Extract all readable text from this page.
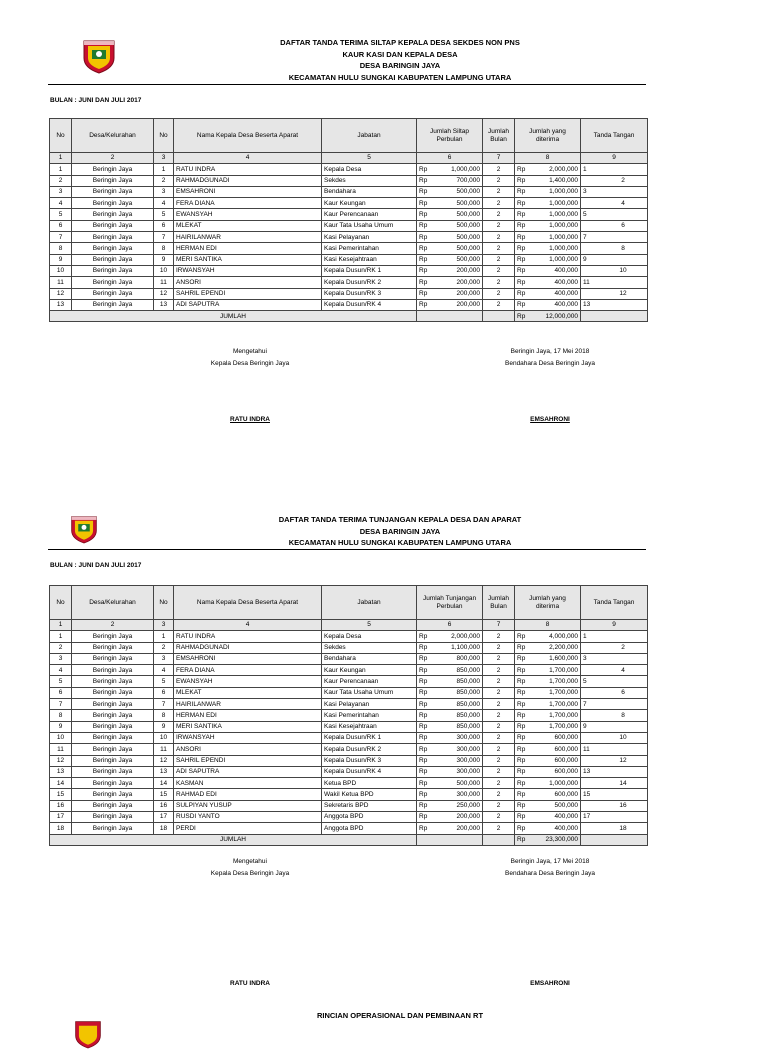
DAFTAR TANDA TERIMA SILTAP KEPALA DESA SEKDES NON PNS
KAUR KASI DAN KEPALA DESA
DESA BARINGIN JAYA
KECAMATAN HULU SUNGKAI KABUPATEN LAMPUNG UTARA
BULAN : JUNI DAN JULI 2017
No	Desa/Kelurahan	No	Nama Kepala Desa Beserta Aparat	Jabatan	Jumlah Siltap Perbulan	Jumlah Bulan	Jumlah yang diterima	Tanda Tangan
1	2	3	4	5	6	7	8	9
1	Beringin Jaya	1	RATU INDRA	Kepala Desa	Rp 1,000,000	2	Rp 2,000,000	1

2	Beringin Jaya	2	RAHMADGUNADI	Sekdes	Rp 700,000	2	Rp 1,400,000	2

3	Beringin Jaya	3	EMSAHRONI	Bendahara	Rp 500,000	2	Rp 1,000,000	3

4	Beringin Jaya	4	FERA DIANA	Kaur Keungan	Rp 500,000	2	Rp 1,000,000	4

5	Beringin Jaya	5	EWANSYAH	Kaur Perencanaan	Rp 500,000	2	Rp 1,000,000	5

6	Beringin Jaya	6	MLEKAT	Kaur Tata Usaha Umum	Rp 500,000	2	Rp 1,000,000	6

7	Beringin Jaya	7	HAIRILANWAR	Kasi Pelayanan	Rp 500,000	2	Rp 1,000,000	7

8	Beringin Jaya	8	HERMAN EDI	Kasi Pemerintahan	Rp 500,000	2	Rp 1,000,000	8

9	Beringin Jaya	9	MERI SANTIKA	Kasi Kesejahtraan	Rp 500,000	2	Rp 1,000,000	9

10	Beringin Jaya	10	IRWANSYAH	Kepala Dusun/RK 1	Rp 200,000	2	Rp 400,000	10

11	Beringin Jaya	11	ANSORI	Kepala Dusun/RK 2	Rp 200,000	2	Rp 400,000	11

12	Beringin Jaya	12	SAHRIL EPENDI	Kepala Dusun/RK 3	Rp 200,000	2	Rp 400,000	12

13	Beringin Jaya	13	ADI SAPUTRA	Kepala Dusun/RK 4	Rp 200,000	2	Rp 400,000	13

JUMLAH							Rp 12,000,000	

Mengetahui
Kepala Desa Beringin Jaya
Beringin Jaya, 17 Mei 2018
Bendahara Desa Beringin Jaya
RATU INDRA	EMSAHRONI
DAFTAR TANDA TERIMA TUNJANGAN KEPALA DESA DAN APARAT
DESA BARINGIN JAYA
KECAMATAN HULU SUNGKAI KABUPATEN LAMPUNG UTARA
BULAN : JUNI DAN JULI 2017
No	Desa/Kelurahan	No	Nama Kepala Desa Beserta Aparat	Jabatan	Jumlah Tunjangan Perbulan	Jumlah Bulan	Jumlah yang diterima	Tanda Tangan
1	2	3	4	5	6	7	8	9
1	Beringin Jaya	1	RATU INDRA	Kepala Desa	Rp 2,000,000	2	Rp 4,000,000	1

2	Beringin Jaya	2	RAHMADGUNADI	Sekdes	Rp 1,100,000	2	Rp 2,200,000	2

3	Beringin Jaya	3	EMSAHRONI	Bendahara	Rp 800,000	2	Rp 1,600,000	3

4	Beringin Jaya	4	FERA DIANA	Kaur Keungan	Rp 850,000	2	Rp 1,700,000	4

5	Beringin Jaya	5	EWANSYAH	Kaur Perencanaan	Rp 850,000	2	Rp 1,700,000	5

6	Beringin Jaya	6	MLEKAT	Kaur Tata Usaha Umum	Rp 850,000	2	Rp 1,700,000	6

7	Beringin Jaya	7	HAIRILANWAR	Kasi Pelayanan	Rp 850,000	2	Rp 1,700,000	7

8	Beringin Jaya	8	HERMAN EDI	Kasi Pemerintahan	Rp 850,000	2	Rp 1,700,000	8

9	Beringin Jaya	9	MERI SANTIKA	Kasi Kesejahtraan	Rp 850,000	2	Rp 1,700,000	9

10	Beringin Jaya	10	IRWANSYAH	Kepala Dusun/RK 1	Rp 300,000	2	Rp 600,000	10

11	Beringin Jaya	11	ANSORI	Kepala Dusun/RK 2	Rp 300,000	2	Rp 600,000	11

12	Beringin Jaya	12	SAHRIL EPENDI	Kepala Dusun/RK 3	Rp 300,000	2	Rp 600,000	12

13	Beringin Jaya	13	ADI SAPUTRA	Kepala Dusun/RK 4	Rp 300,000	2	Rp 600,000	13

14	Beringin Jaya	14	KASMAN	Ketua BPD	Rp 500,000	2	Rp 1,000,000	14

15	Beringin Jaya	15	RAHMAD EDI	Wakil Ketua BPD	Rp 300,000	2	Rp 600,000	15

16	Beringin Jaya	16	SULPIYAN YUSUP	Sekretaris BPD	Rp 250,000	2	Rp 500,000	16

17	Beringin Jaya	17	RUSDI YANTO	Anggota BPD	Rp 200,000	2	Rp 400,000	17

18	Beringin Jaya	18	PERDI	Anggota BPD	Rp 200,000	2	Rp 400,000	18

JUMLAH							Rp 23,300,000	

Mengetahui
Kepala Desa Beringin Jaya
Beringin Jaya, 17 Mei 2018
Bendahara Desa Beringin Jaya
RATU INDRA	EMSAHRONI
RINCIAN OPERASIONAL DAN PEMBINAAN RT
